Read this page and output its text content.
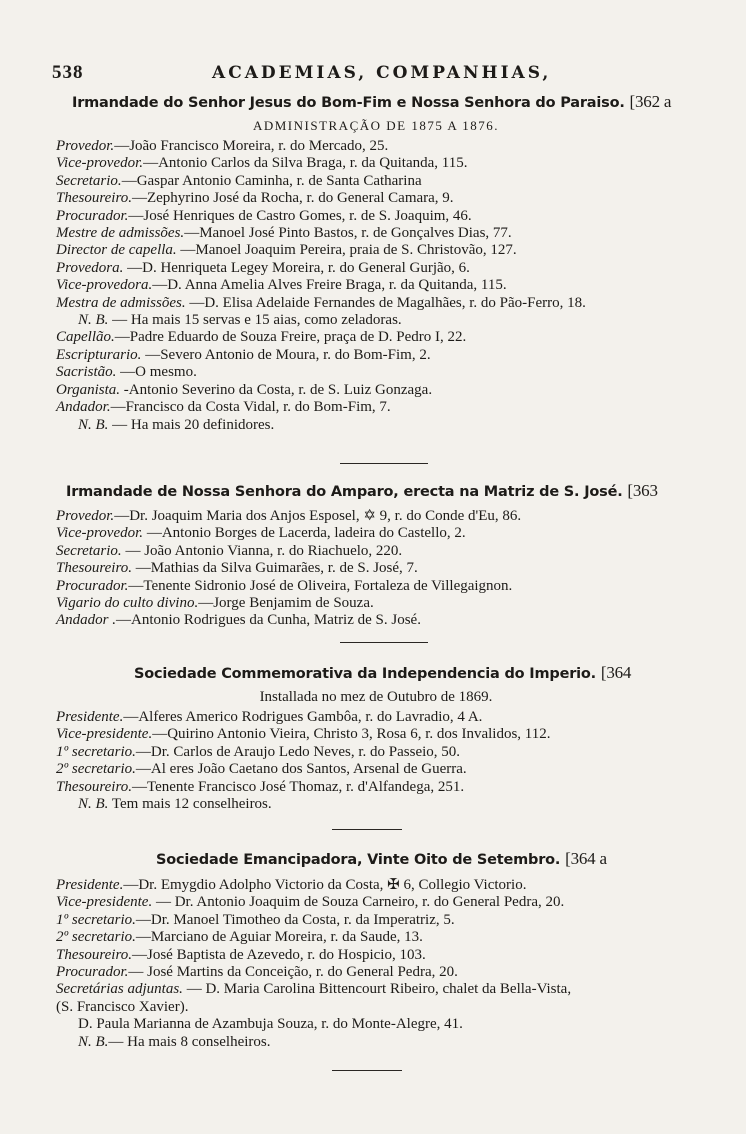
538	ACADEMIAS, COMPANHIAS,
Irmandade do Senhor Jesus do Bom-Fim e Nossa Senhora do Paraiso. [362 a
ADMINISTRAÇÃO DE 1875 A 1876.
Provedor.—João Francisco Moreira, r. do Mercado, 25.
Vice-provedor.—Antonio Carlos da Silva Braga, r. da Quitanda, 115.
Secretario.—Gaspar Antonio Caminha, r. de Santa Catharina
Thesoureiro.—Zephyrino José da Rocha, r. do General Camara, 9.
Procurador.—José Henriques de Castro Gomes, r. de S. Joaquim, 46.
Mestre de admissões.—Manoel José Pinto Bastos, r. de Gonçalves Dias, 77.
Director de capella. —Manoel Joaquim Pereira, praia de S. Christovão, 127.
Provedora. —D. Henriqueta Legey Moreira, r. do General Gurjão, 6.
Vice-provedora.—D. Anna Amelia Alves Freire Braga, r. da Quitanda, 115.
Mestra de admissões. —D. Elisa Adelaide Fernandes de Magalhães, r. do Pão-Ferro, 18.
N. B. — Ha mais 15 servas e 15 aias, como zeladoras.
Capellão.—Padre Eduardo de Souza Freire, praça de D. Pedro I, 22.
Escripturario. —Severo Antonio de Moura, r. do Bom-Fim, 2.
Sacristão. —O mesmo.
Organista. -Antonio Severino da Costa, r. de S. Luiz Gonzaga.
Andador.—Francisco da Costa Vidal, r. do Bom-Fim, 7.
N. B. — Ha mais 20 definidores.
Irmandade de Nossa Senhora do Amparo, erecta na Matriz de S. José. [363
Provedor.—Dr. Joaquim Maria dos Anjos Esposel, ✡ 9, r. do Conde d'Eu, 86.
Vice-provedor. —Antonio Borges de Lacerda, ladeira do Castello, 2.
Secretario. — João Antonio Vianna, r. do Riachuelo, 220.
Thesoureiro. —Mathias da Silva Guimarães, r. de S. José, 7.
Procurador.—Tenente Sidronio José de Oliveira, Fortaleza de Villegaignon.
Vigario do culto divino.—Jorge Benjamim de Souza.
Andador .—Antonio Rodrigues da Cunha, Matriz de S. José.
Sociedade Commemorativa da Independencia do Imperio. [364
Installada no mez de Outubro de 1869.
Presidente.—Alferes Americo Rodrigues Gambôa, r. do Lavradio, 4 A.
Vice-presidente.—Quirino Antonio Vieira, Christo 3, Rosa 6, r. dos Invalidos, 112.
1º secretario.—Dr. Carlos de Araujo Ledo Neves, r. do Passeio, 50.
2º secretario.—Al eres João Caetano dos Santos, Arsenal de Guerra.
Thesoureiro.—Tenente Francisco José Thomaz, r. d'Alfandega, 251.
N. B. Tem mais 12 conselheiros.
Sociedade Emancipadora, Vinte Oito de Setembro. [364 a
Presidente.—Dr. Emygdio Adolpho Victorio da Costa, ✠ 6, Collegio Victorio.
Vice-presidente. — Dr. Antonio Joaquim de Souza Carneiro, r. do General Pedra, 20.
1º secretario.—Dr. Manoel Timotheo da Costa, r. da Imperatriz, 5.
2º secretario.—Marciano de Aguiar Moreira, r. da Saude, 13.
Thesoureiro.—José Baptista de Azevedo, r. do Hospicio, 103.
Procurador.— José Martins da Conceição, r. do General Pedra, 20.
Secretárias adjuntas. — D. Maria Carolina Bittencourt Ribeiro, chalet da Bella-Vista,
(S. Francisco Xavier).
D. Paula Marianna de Azambuja Souza, r. do Monte-Alegre, 41.
N. B.— Ha mais 8 conselheiros.
